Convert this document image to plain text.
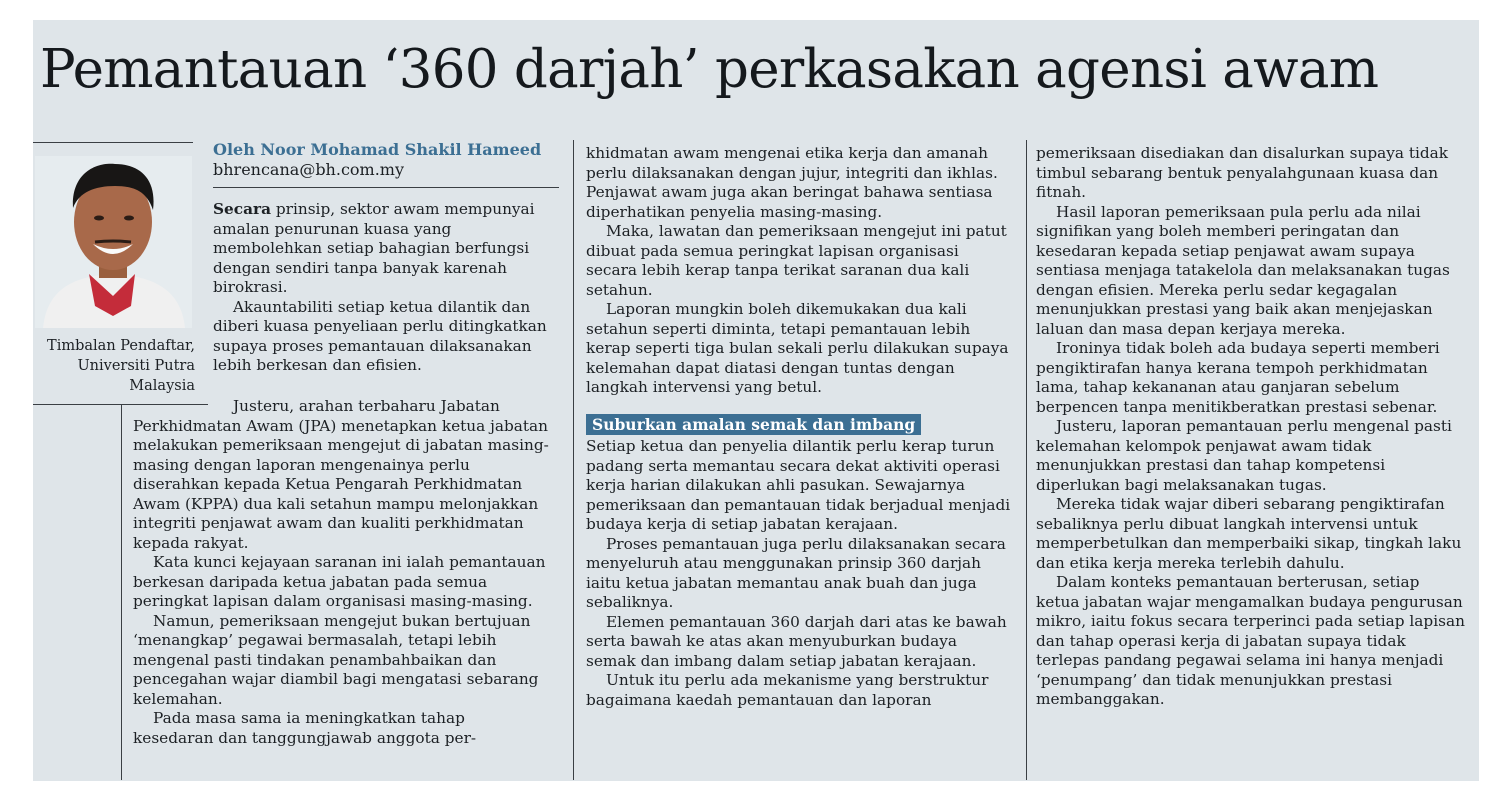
Pemantauan ‘360 darjah’ perkasakan agensi awam
Timbalan Pendaftar,
Universiti Putra
Malaysia
Oleh Noor Mohamad Shakil Hameed
bhrencana@bh.com.my

Secara prinsip, sektor awam mempunyai amalan penurunan kuasa yang membolehkan setiap bahagian berfungsi dengan sendiri tanpa banyak karenah birokrasi.

Akauntabiliti setiap ketua dilantik dan diberi kuasa penyeliaan perlu ditingkatkan supaya proses pemantauan dilaksanakan lebih berkesan dan efisien.

Justeru, arahan terbaharu Jabatan Perkhidmatan Awam (JPA) menetapkan ketua jabatan melakukan pemeriksaan mengejut di jabatan masing-masing dengan laporan mengenainya perlu diserahkan kepada Ketua Pengarah Perkhidmatan Awam (KPPA) dua kali setahun mampu melonjakkan integriti penjawat awam dan kualiti perkhidmatan kepada rakyat.

Kata kunci kejayaan saranan ini ialah pemantauan berkesan daripada ketua jabatan pada semua peringkat lapisan dalam organisasi masing-masing.

Namun, pemeriksaan mengejut bukan bertujuan ‘menangkap’ pegawai bermasalah, tetapi lebih mengenal pasti tindakan penambahbaikan dan pencegahan wajar diambil bagi mengatasi sebarang kelemahan.

Pada masa sama ia meningkatkan tahap kesedaran dan tanggungjawab anggota per-

khidmatan awam mengenai etika kerja dan amanah perlu dilaksanakan dengan jujur, integriti dan ikhlas. Penjawat awam juga akan beringat bahawa sentiasa diperhatikan penyelia masing-masing.

Maka, lawatan dan pemeriksaan mengejut ini patut dibuat pada semua peringkat lapisan organisasi secara lebih kerap tanpa terikat saranan dua kali setahun.

Laporan mungkin boleh dikemukakan dua kali setahun seperti diminta, tetapi pemantauan lebih kerap seperti tiga bulan sekali perlu dilakukan supaya kelemahan dapat diatasi dengan tuntas dengan langkah intervensi yang betul.

Suburkan amalan semak dan imbang

Setiap ketua dan penyelia dilantik perlu kerap turun padang serta memantau secara dekat aktiviti operasi kerja harian dilakukan ahli pasukan. Sewajarnya pemeriksaan dan pemantauan tidak berjadual menjadi budaya kerja di setiap jabatan kerajaan.

Proses pemantauan juga perlu dilaksanakan secara menyeluruh atau menggunakan prinsip 360 darjah iaitu ketua jabatan memantau anak buah dan juga sebaliknya.

Elemen pemantauan 360 darjah dari atas ke bawah serta bawah ke atas akan menyuburkan budaya semak dan imbang dalam setiap jabatan kerajaan.

Untuk itu perlu ada mekanisme yang berstruktur bagaimana kaedah pemantauan dan laporan

pemeriksaan disediakan dan disalurkan supaya tidak timbul sebarang bentuk penyalahgunaan kuasa dan fitnah.

Hasil laporan pemeriksaan pula perlu ada nilai signifikan yang boleh memberi peringatan dan kesedaran kepada setiap penjawat awam supaya sentiasa menjaga tatakelola dan melaksanakan tugas dengan efisien. Mereka perlu sedar kegagalan menunjukkan prestasi yang baik akan menjejaskan laluan dan masa depan kerjaya mereka.

Ironinya tidak boleh ada budaya seperti memberi pengiktirafan hanya kerana tempoh perkhidmatan lama, tahap kekananan atau ganjaran sebelum berpencen tanpa menitikberatkan prestasi sebenar.

Justeru, laporan pemantauan perlu mengenal pasti kelemahan kelompok penjawat awam tidak menunjukkan prestasi dan tahap kompetensi diperlukan bagi melaksanakan tugas.

Mereka tidak wajar diberi sebarang pengiktirafan sebaliknya perlu dibuat langkah intervensi untuk memperbetulkan dan memperbaiki sikap, tingkah laku dan etika kerja mereka terlebih dahulu.

Dalam konteks pemantauan berterusan, setiap ketua jabatan wajar mengamalkan budaya pengurusan mikro, iaitu fokus secara terperinci pada setiap lapisan dan tahap operasi kerja di jabatan supaya tidak terlepas pandang pegawai selama ini hanya menjadi ‘penumpang’ dan tidak menunjukkan prestasi membanggakan.
